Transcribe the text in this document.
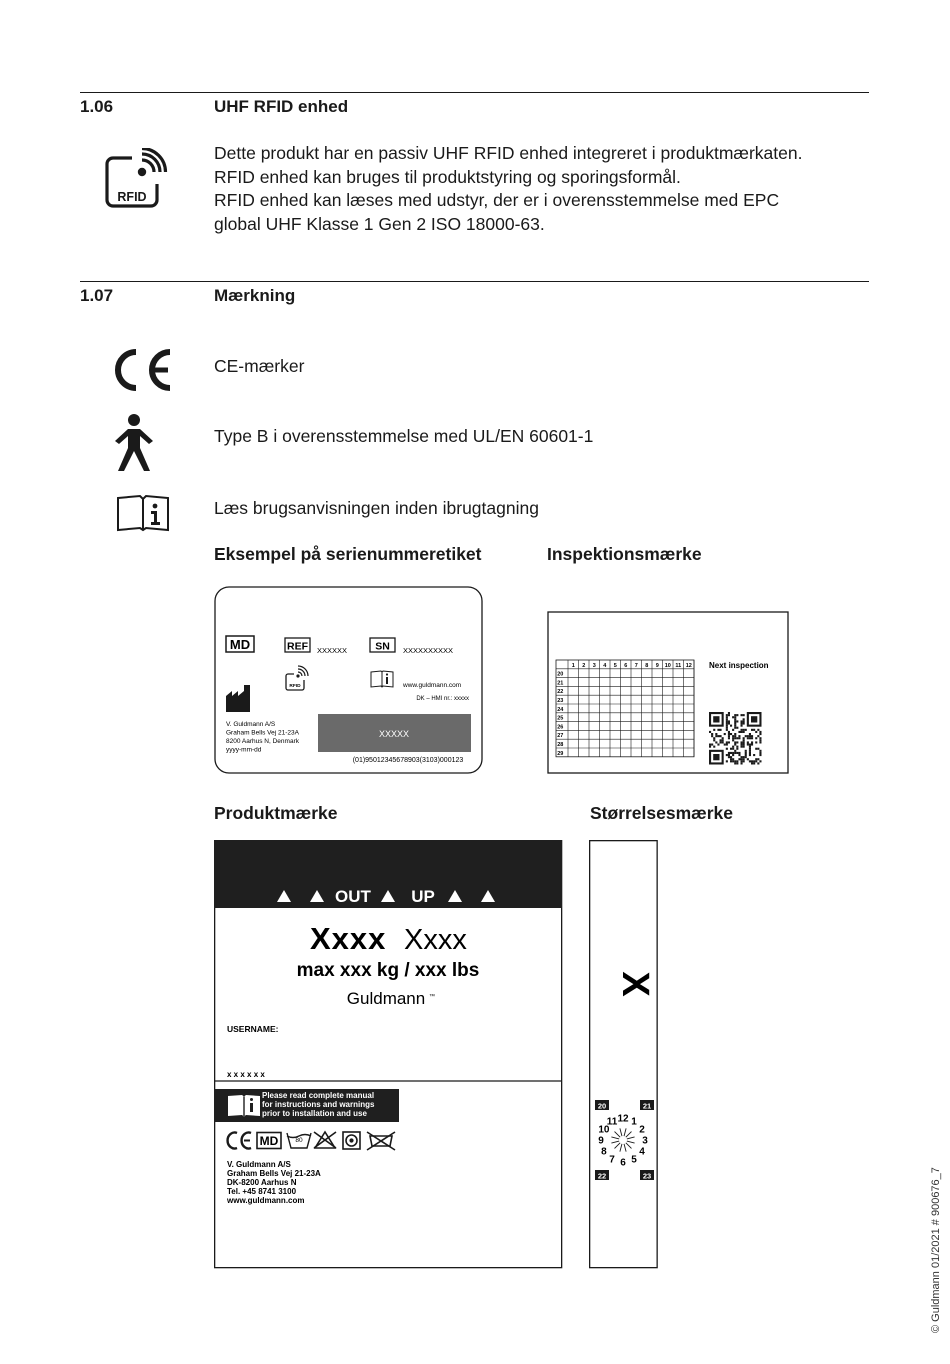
1.06	UHF RFID enhed
RFID
Dette produkt har en passiv UHF RFID enhed integreret i produktmærkaten.
RFID enhed kan bruges til produktstyring og sporingsformål.
RFID enhed kan læses med udstyr, der er i overensstemmelse med EPC
global UHF Klasse 1 Gen 2 ISO 18000-63.
1.07	Mærkning
CE-mærker
Type B i overensstemmelse med UL/EN 60601-1
Læs brugsanvisningen inden ibrugtagning
Eksempel på serienummeretiket	Inspektionsmærke
MD	REF XXXXXX	SN XXXXXXXXXX
RFID	www.guldmann.com
DK – HMI nr.: xxxxx
V. Guldmann A/S
Graham Bells Vej 21-23A
8200 Aarhus N, Denmark
yyyy-mm-dd
XXXXX
(01)95012345678903(3103)000123
1 2 3 4 5 6 7 8 9 10 11 12
20
21
22
23
24
25
26
27
28
29
Next inspection
Produktmærke	Størrelsesmærke
OUT UP
Xxxx Xxxx
max xxx kg / xxx lbs
Guldmann ™
USERNAME:
x x x x x x
Please read complete manual
for instructions and warnings
prior to installation and use
MD	80
V. Guldmann A/S
Graham Bells Vej 21-23A
DK-8200 Aarhus N
Tel. +45 8741 3100
www.guldmann.com
X
20	21
22	23
12 1
2
3
4
5
6
7
8
9
10
11
© Guldmann 01/2021 # 900676_7
